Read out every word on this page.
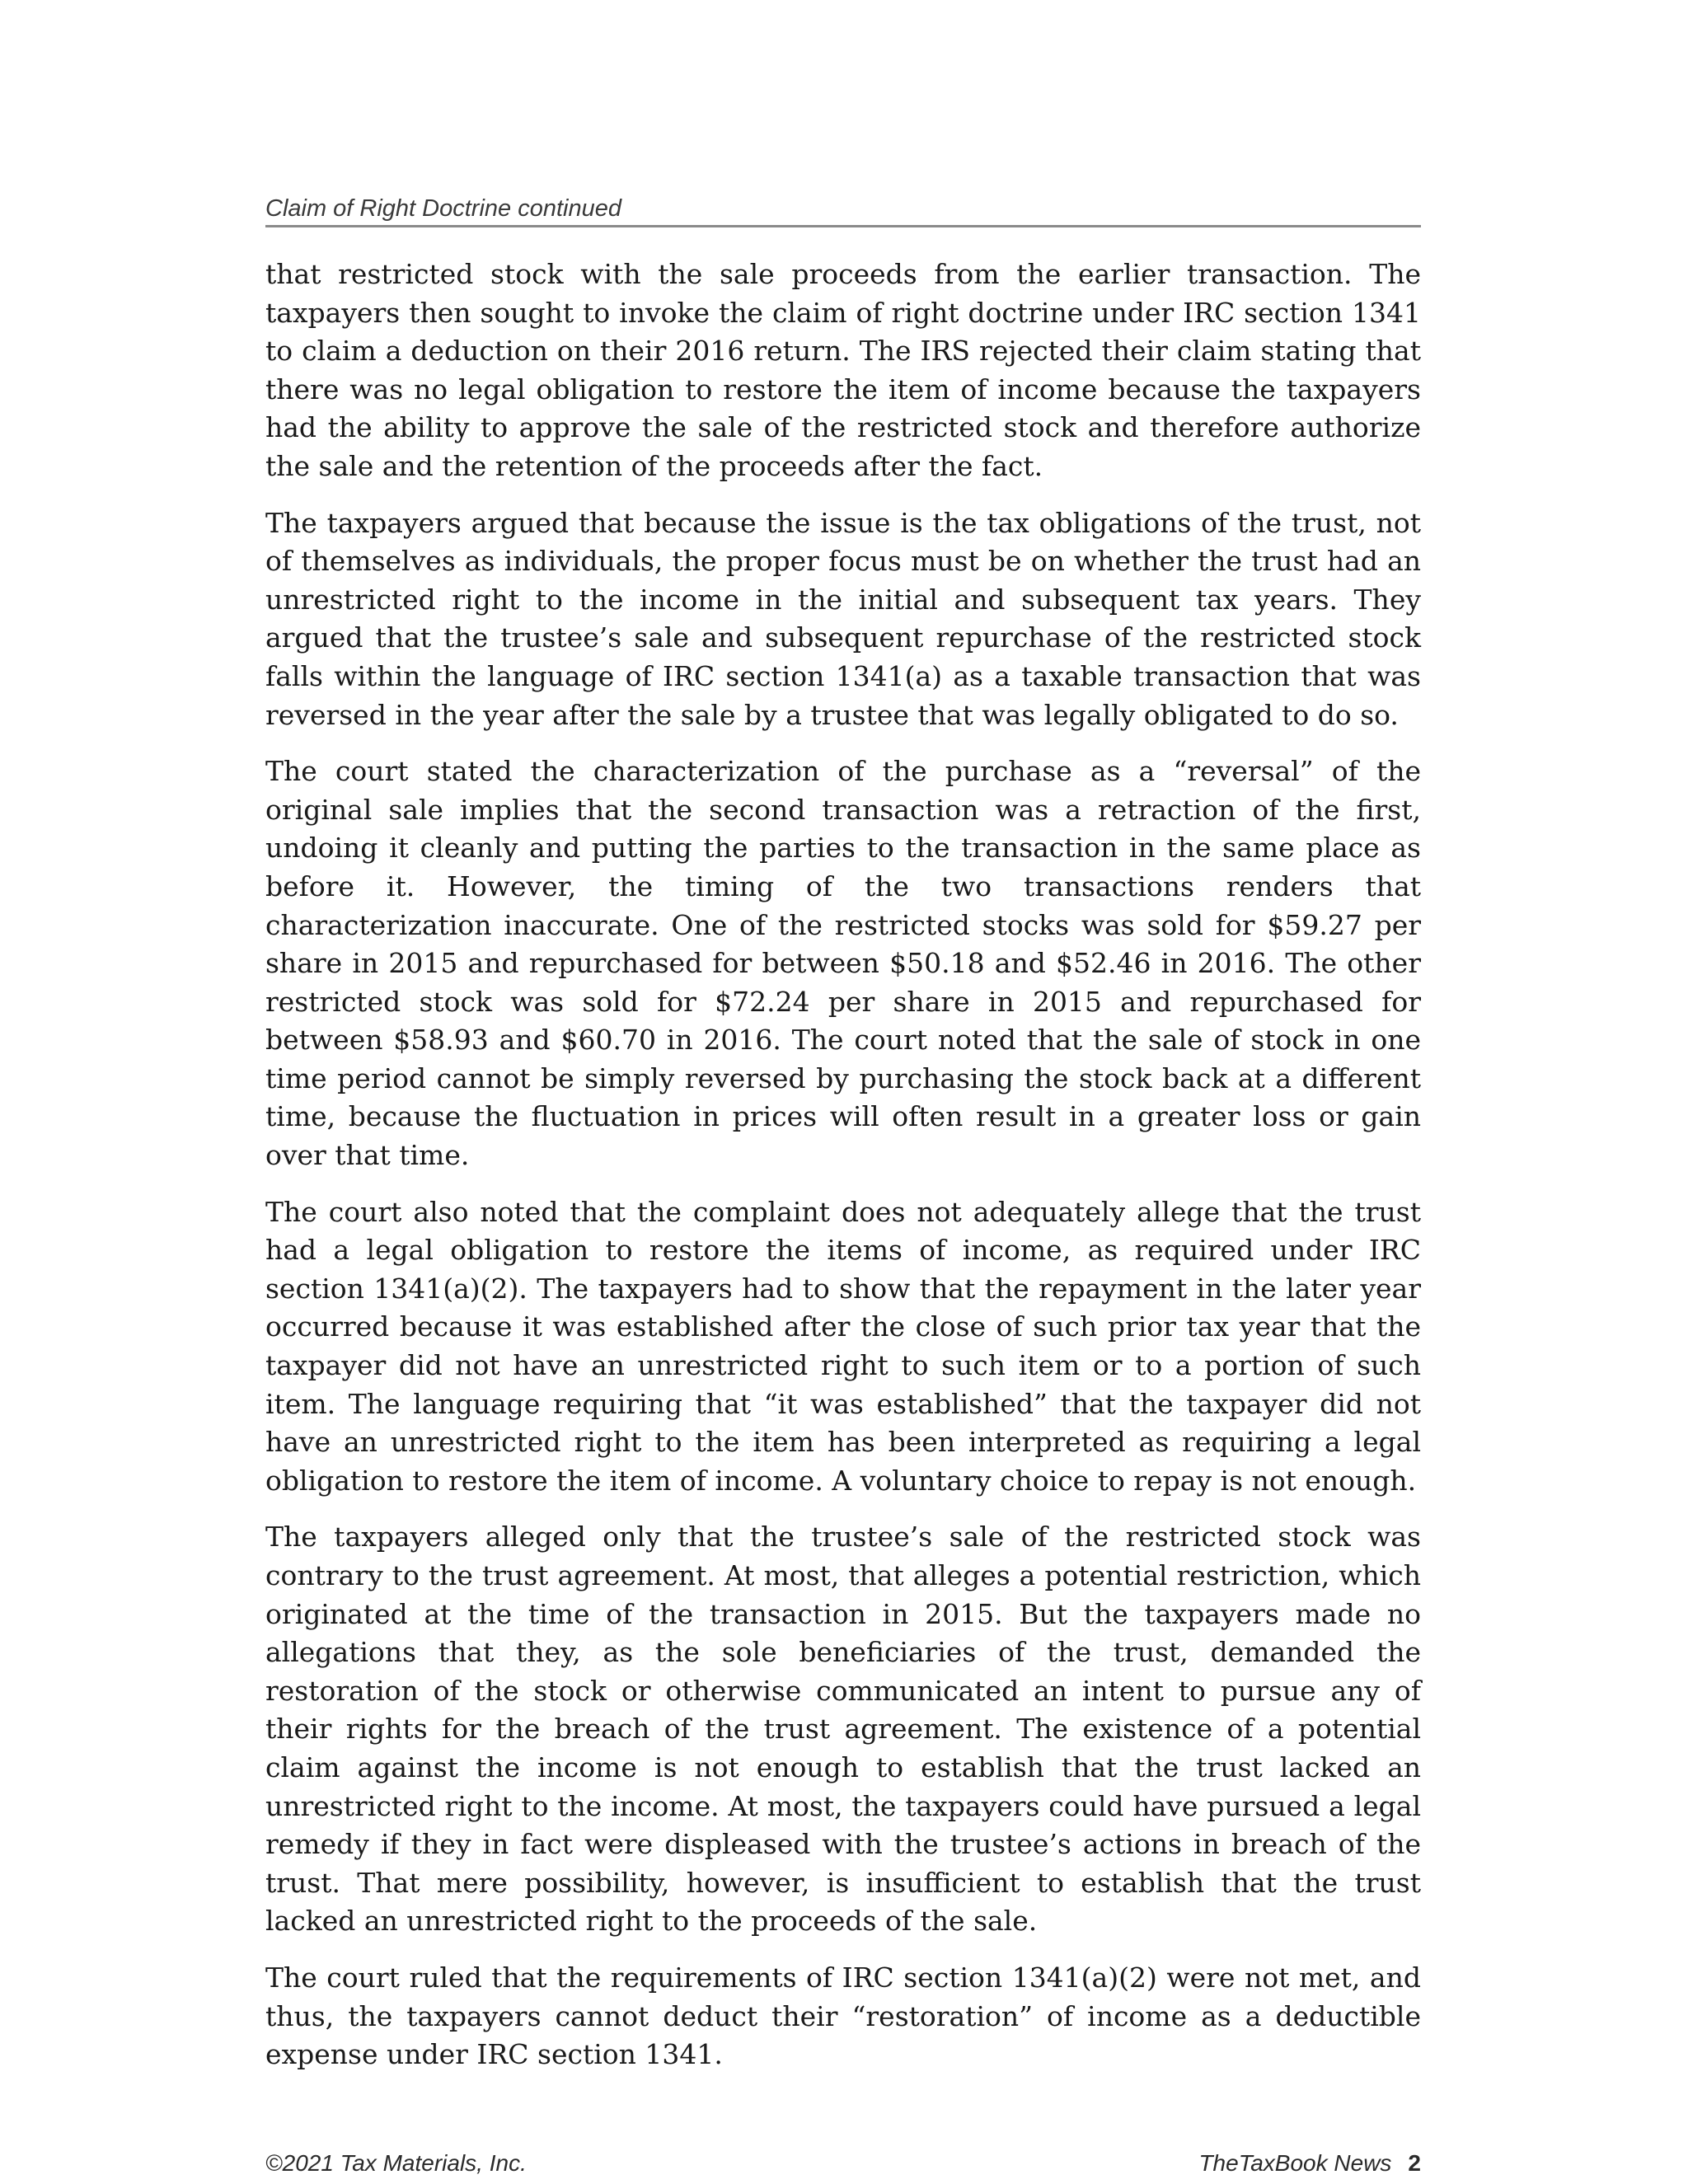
Claim of Right Doctrine continued

that restricted stock with the sale proceeds from the earlier transaction. The taxpayers then sought to invoke the claim of right doctrine under IRC section 1341 to claim a deduction on their 2016 return. The IRS rejected their claim stating that there was no legal obligation to restore the item of income because the taxpayers had the ability to approve the sale of the restricted stock and therefore authorize the sale and the retention of the proceeds after the fact.

The taxpayers argued that because the issue is the tax obligations of the trust, not of themselves as individuals, the proper focus must be on whether the trust had an unrestricted right to the income in the initial and subsequent tax years. They argued that the trustee’s sale and subsequent repurchase of the restricted stock falls within the language of IRC section 1341(a) as a taxable transaction that was reversed in the year after the sale by a trustee that was legally obligated to do so.

The court stated the characterization of the purchase as a “reversal” of the original sale implies that the second transaction was a retraction of the first, undoing it cleanly and putting the parties to the transaction in the same place as before it. However, the timing of the two transactions renders that characterization inaccurate. One of the restricted stocks was sold for $59.27 per share in 2015 and repurchased for between $50.18 and $52.46 in 2016. The other restricted stock was sold for $72.24 per share in 2015 and repurchased for between $58.93 and $60.70 in 2016. The court noted that the sale of stock in one time period cannot be simply reversed by purchasing the stock back at a different time, because the fluctuation in prices will often result in a greater loss or gain over that time.

The court also noted that the complaint does not adequately allege that the trust had a legal obligation to restore the items of income, as required under IRC section 1341(a)(2). The taxpayers had to show that the repayment in the later year occurred because it was established after the close of such prior tax year that the taxpayer did not have an unrestricted right to such item or to a portion of such item. The language requiring that “it was established” that the taxpayer did not have an unrestricted right to the item has been interpreted as requiring a legal obligation to restore the item of income. A voluntary choice to repay is not enough.

The taxpayers alleged only that the trustee’s sale of the restricted stock was contrary to the trust agreement. At most, that alleges a potential restriction, which originated at the time of the transaction in 2015. But the taxpayers made no allegations that they, as the sole beneficiaries of the trust, demanded the restoration of the stock or otherwise communicated an intent to pursue any of their rights for the breach of the trust agreement. The existence of a potential claim against the income is not enough to establish that the trust lacked an unrestricted right to the income. At most, the taxpayers could have pursued a legal remedy if they in fact were displeased with the trustee’s actions in breach of the trust. That mere possibility, however, is insufficient to establish that the trust lacked an unrestricted right to the proceeds of the sale.

The court ruled that the requirements of IRC section 1341(a)(2) were not met, and thus, the taxpayers cannot deduct their “restoration” of income as a deductible expense under IRC section 1341.

©2021 Tax Materials, Inc.	TheTaxBook News 2
